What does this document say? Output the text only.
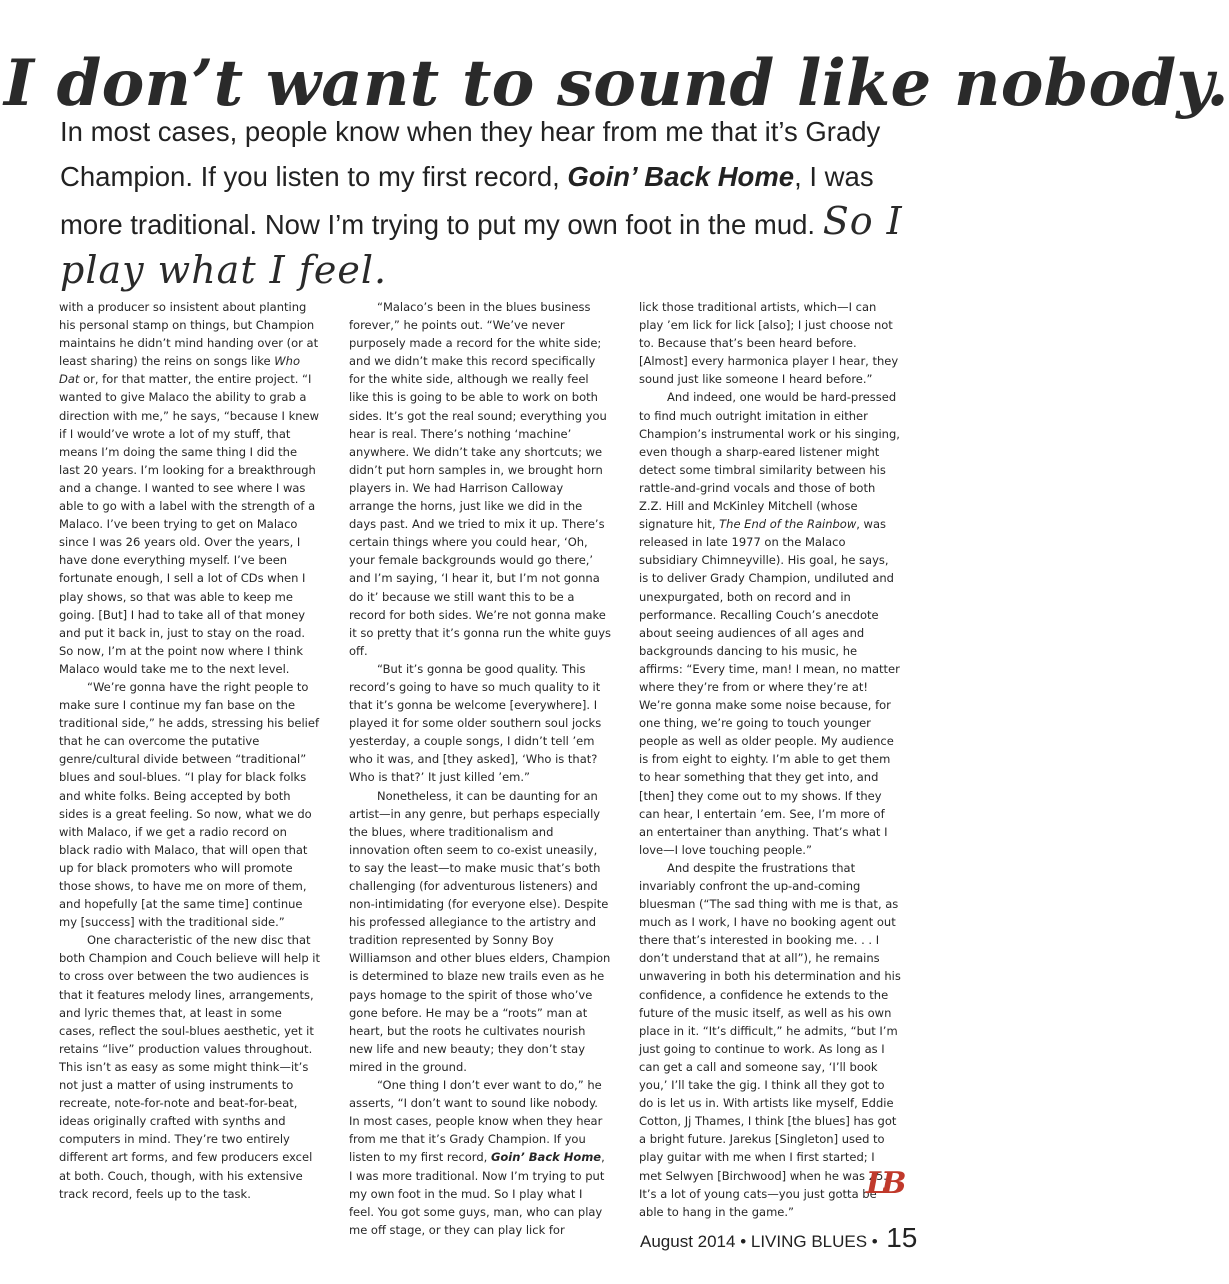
I don’t want to sound like nobody.

In most cases, people know when they hear from me that it’s Grady Champion. If you listen to my first record, Goin’ Back Home, I was more traditional. Now I’m trying to put my own foot in the mud. So I play what I feel.

with a producer so insistent about planting his personal stamp on things, but Champion maintains he didn’t mind handing over (or at least sharing) the reins on songs like Who Dat or, for that matter, the entire project. “I wanted to give Malaco the ability to grab a direction with me,” he says, “because I knew if I would’ve wrote a lot of my stuff, that means I’m doing the same thing I did the last 20 years. I’m looking for a breakthrough and a change. I wanted to see where I was able to go with a label with the strength of a Malaco. I’ve been trying to get on Malaco since I was 26 years old. Over the years, I have done everything myself. I’ve been fortunate enough, I sell a lot of CDs when I play shows, so that was able to keep me going. [But] I had to take all of that money and put it back in, just to stay on the road. So now, I’m at the point now where I think Malaco would take me to the next level.

“We’re gonna have the right people to make sure I continue my fan base on the traditional side,” he adds, stressing his belief that he can overcome the putative genre/cultural divide between “traditional” blues and soul-blues. “I play for black folks and white folks. Being accepted by both sides is a great feeling. So now, what we do with Malaco, if we get a radio record on black radio with Malaco, that will open that up for black promoters who will promote those shows, to have me on more of them, and hopefully [at the same time] continue my [success] with the traditional side.”

One characteristic of the new disc that both Champion and Couch believe will help it to cross over between the two audiences is that it features melody lines, arrangements, and lyric themes that, at least in some cases, reflect the soul-blues aesthetic, yet it retains “live” production values throughout. This isn’t as easy as some might think—it’s not just a matter of using instruments to recreate, note-for-note and beat-for-beat, ideas originally crafted with synths and computers in mind. They’re two entirely different art forms, and few producers excel at both. Couch, though, with his extensive track record, feels up to the task.

“Malaco’s been in the blues business forever,” he points out. “We’ve never purposely made a record for the white side; and we didn’t make this record specifically for the white side, although we really feel like this is going to be able to work on both sides. It’s got the real sound; everything you hear is real. There’s nothing ‘machine’ anywhere. We didn’t take any shortcuts; we didn’t put horn samples in, we brought horn players in. We had Harrison Calloway arrange the horns, just like we did in the days past. And we tried to mix it up. There’s certain things where you could hear, ‘Oh, your female backgrounds would go there,’ and I’m saying, ‘I hear it, but I’m not gonna do it’ because we still want this to be a record for both sides. We’re not gonna make it so pretty that it’s gonna run the white guys off.

“But it’s gonna be good quality. This record’s going to have so much quality to it that it’s gonna be welcome [everywhere]. I played it for some older southern soul jocks yesterday, a couple songs, I didn’t tell ’em who it was, and [they asked], ‘Who is that? Who is that?’ It just killed ’em.”

Nonetheless, it can be daunting for an artist—in any genre, but perhaps especially the blues, where traditionalism and innovation often seem to co-exist uneasily, to say the least—to make music that’s both challenging (for adventurous listeners) and non-intimidating (for everyone else). Despite his professed allegiance to the artistry and tradition represented by Sonny Boy Williamson and other blues elders, Champion is determined to blaze new trails even as he pays homage to the spirit of those who’ve gone before. He may be a “roots” man at heart, but the roots he cultivates nourish new life and new beauty; they don’t stay mired in the ground.

“One thing I don’t ever want to do,” he asserts, “I don’t want to sound like nobody. In most cases, people know when they hear from me that it’s Grady Champion. If you listen to my first record, Goin’ Back Home, I was more traditional. Now I’m trying to put my own foot in the mud. So I play what I feel. You got some guys, man, who can play me off stage, or they can play lick for

lick those traditional artists, which—I can play ’em lick for lick [also]; I just choose not to. Because that’s been heard before. [Almost] every harmonica player I hear, they sound just like someone I heard before.”

And indeed, one would be hard-pressed to find much outright imitation in either Champion’s instrumental work or his singing, even though a sharp-eared listener might detect some timbral similarity between his rattle-and-grind vocals and those of both Z.Z. Hill and McKinley Mitchell (whose signature hit, The End of the Rainbow, was released in late 1977 on the Malaco subsidiary Chimneyville). His goal, he says, is to deliver Grady Champion, undiluted and unexpurgated, both on record and in performance. Recalling Couch’s anecdote about seeing audiences of all ages and backgrounds dancing to his music, he affirms: “Every time, man! I mean, no matter where they’re from or where they’re at! We’re gonna make some noise because, for one thing, we’re going to touch younger people as well as older people. My audience is from eight to eighty. I’m able to get them to hear something that they get into, and [then] they come out to my shows. If they can hear, I entertain ’em. See, I’m more of an entertainer than anything. That’s what I love—I love touching people.”

And despite the frustrations that invariably confront the up-and-coming bluesman (“The sad thing with me is that, as much as I work, I have no booking agent out there that’s interested in booking me. . . I don’t understand that at all”), he remains unwavering in both his determination and his confidence, a confidence he extends to the future of the music itself, as well as his own place in it. “It’s difficult,” he admits, “but I’m just going to continue to work. As long as I can get a call and someone say, ‘I’ll book you,’ I’ll take the gig. I think all they got to do is let us in. With artists like myself, Eddie Cotton, Jj Thames, I think [the blues] has got a bright future. Jarekus [Singleton] used to play guitar with me when I first started; I met Selwyen [Birchwood] when he was 25. It’s a lot of young cats—you just gotta be able to hang in the game.”

LB
August 2014 • LIVING BLUES • 15
